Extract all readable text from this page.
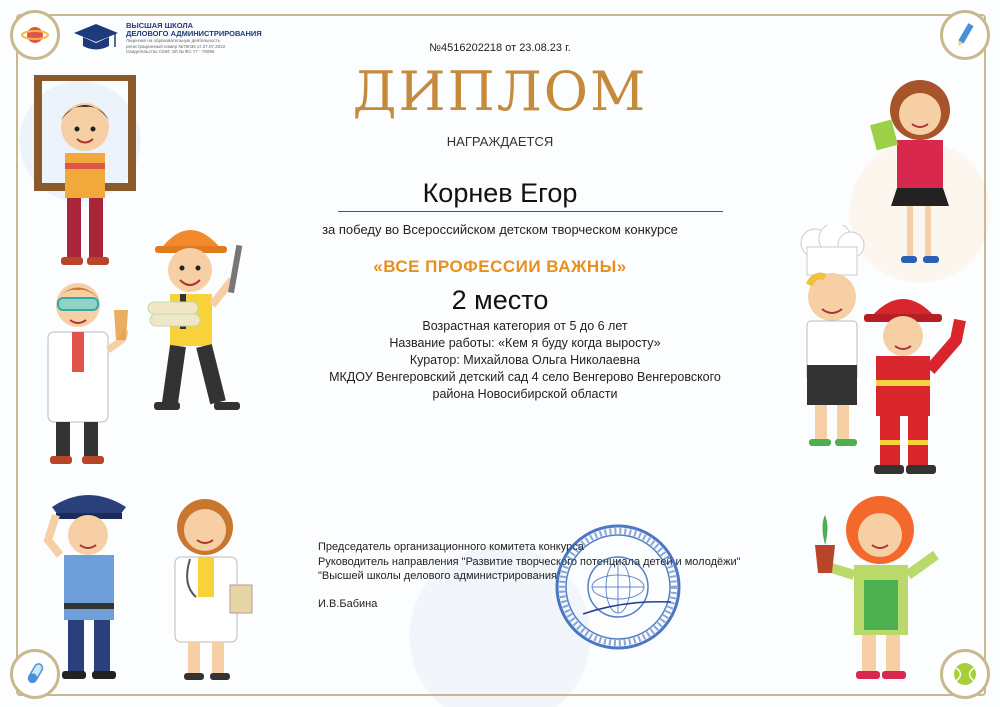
ВЫСШАЯ ШКОЛА
ДЕЛОВОГО АДМИНИСТРИРОВАНИЯ
Лицензия на образовательную деятельность
регистрационный номер №75036 от 27.07.2022
Свидетельство СМИ: ЭЛ № ФС 77 - 75096	№4516202218 от 23.08.23 г.
ДИПЛОМ
НАГРАЖДАЕТСЯ
Корнев Егор
за победу во Всероссийском детском творческом конкурсе
«ВСЕ ПРОФЕССИИ ВАЖНЫ»
2 место
Возрастная категория от 5 до 6 лет
Название работы: «Кем я буду когда выросту»
Куратор: Михайлова Ольга Николаевна
МКДОУ Венгеровский детский сад 4 село Венгерово Венгеровского
района Новосибирской области
Председатель организационного комитета конкурса
Руководитель направления "Развитие творческого потенциала детей и молодёжи"
"Высшей школы делового администрирования"
И.В.Бабина
